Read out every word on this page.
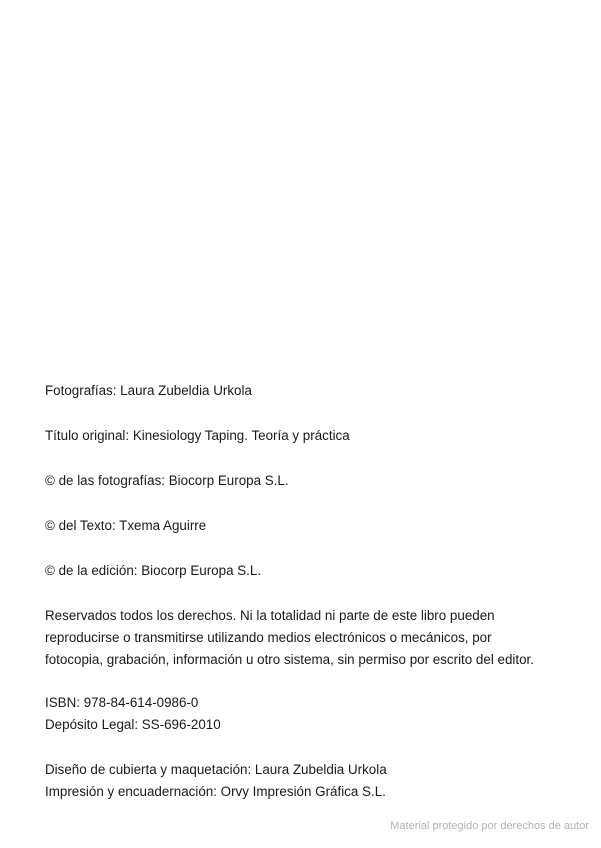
Fotografías: Laura Zubeldia Urkola

Título original: Kinesiology Taping. Teoría y práctica

© de las fotografías: Biocorp Europa S.L.

© del Texto: Txema Aguirre

© de la edición: Biocorp Europa S.L.

Reservados todos los derechos. Ni la totalidad ni parte de este libro pueden

reproducirse o transmitirse utilizando medios electrónicos o mecánicos, por

fotocopia, grabación, información u otro sistema, sin permiso por escrito del editor.

ISBN: 978-84-614-0986-0

Depósito Legal: SS-696-2010

Diseño de cubierta y maquetación: Laura Zubeldia Urkola

Impresión y encuadernación: Orvy Impresión Gráfica S.L.

Material protegido por derechos de autor
